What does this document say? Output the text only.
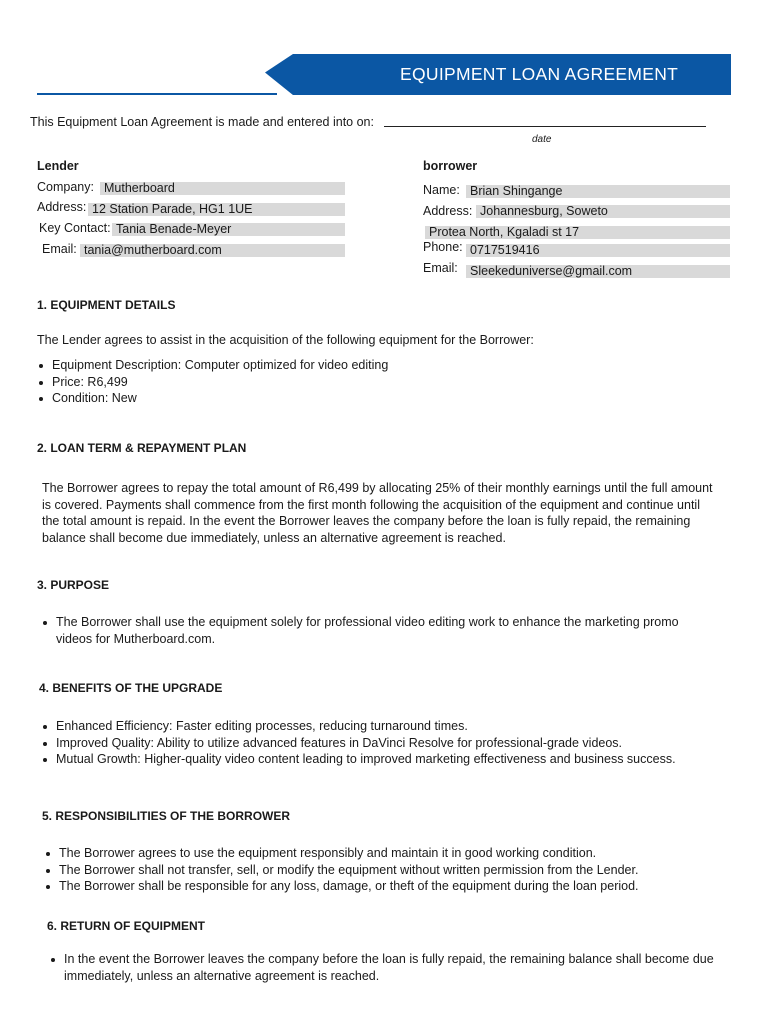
EQUIPMENT LOAN AGREEMENT
This Equipment Loan Agreement is made and entered into on:
date
Lender
Company: Mutherboard
Address: 12 Station Parade, HG1 1UE
Key Contact: Tania Benade-Meyer
Email: tania@mutherboard.com
borrower
Name: Brian Shingange
Address: Johannesburg, Soweto
Protea North, Kgaladi st 17
Phone: 0717519416
Email: Sleekeduniverse@gmail.com
1. EQUIPMENT DETAILS
The Lender agrees to assist in the acquisition of the following equipment for the Borrower:
Equipment Description: Computer optimized for video editing
Price: R6,499
Condition: New
2. LOAN TERM & REPAYMENT PLAN
The Borrower agrees to repay the total amount of R6,499 by allocating 25% of their monthly earnings until the full amount
is covered. Payments shall commence from the first month following the acquisition of the equipment and continue until
the total amount is repaid. In the event the Borrower leaves the company before the loan is fully repaid, the remaining
balance shall become due immediately, unless an alternative agreement is reached.
3. PURPOSE
The Borrower shall use the equipment solely for professional video editing work to enhance the marketing promo
videos for Mutherboard.com.
4. BENEFITS OF THE UPGRADE
Enhanced Efficiency: Faster editing processes, reducing turnaround times.
Improved Quality: Ability to utilize advanced features in DaVinci Resolve for professional-grade videos.
Mutual Growth: Higher-quality video content leading to improved marketing effectiveness and business success.
5. RESPONSIBILITIES OF THE BORROWER
The Borrower agrees to use the equipment responsibly and maintain it in good working condition.
The Borrower shall not transfer, sell, or modify the equipment without written permission from the Lender.
The Borrower shall be responsible for any loss, damage, or theft of the equipment during the loan period.
6. RETURN OF EQUIPMENT
In the event the Borrower leaves the company before the loan is fully repaid, the remaining balance shall become due
immediately, unless an alternative agreement is reached.
